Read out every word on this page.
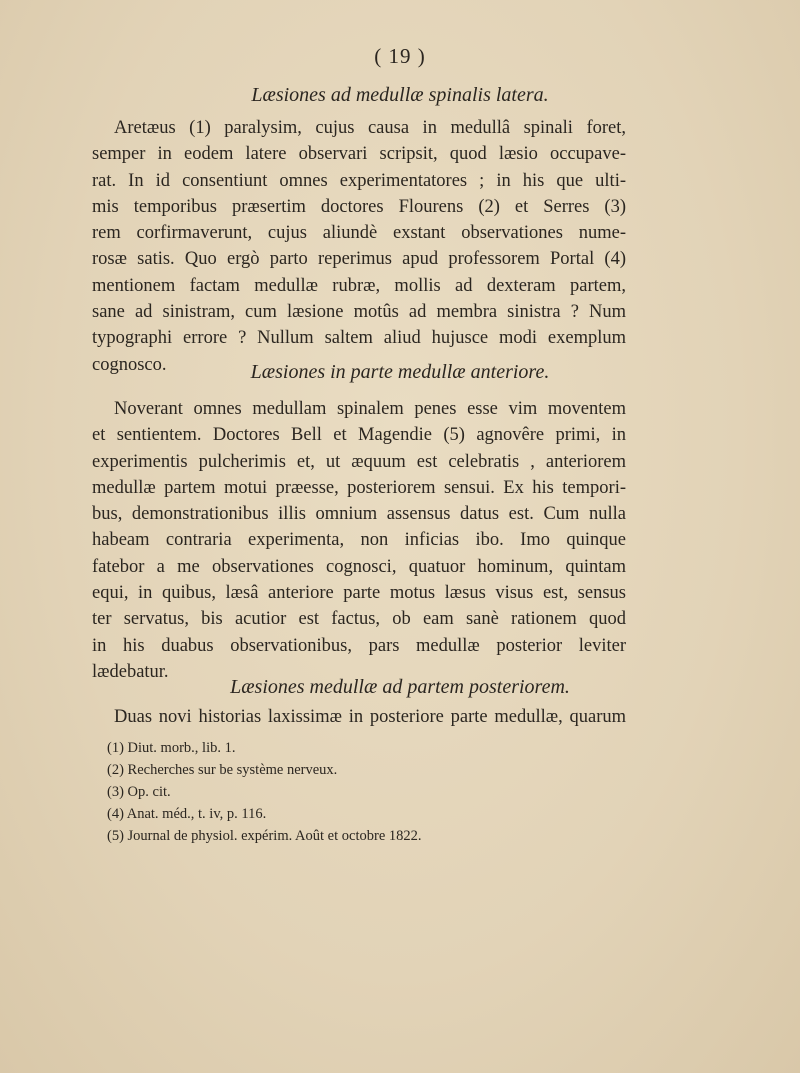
( 19 )
Læsiones ad medullæ spinalis latera.
Aretæus (1) paralysim, cujus causa in medullâ spinali foret,
semper in eodem latere observari scripsit, quod læsio occupave-
rat. In id consentiunt omnes experimentatores ; in his que ulti-
mis temporibus præsertim doctores Flourens (2) et Serres (3)
rem corfirmaverunt, cujus aliundè exstant observationes nume-
rosæ satis. Quo ergò parto reperimus apud professorem Portal (4)
mentionem factam medullæ rubræ, mollis ad dexteram partem,
sane ad sinistram, cum læsione motûs ad membra sinistra ? Num
typographi errore ? Nullum saltem aliud hujusce modi exemplum
cognosco.	Læsiones in parte medullæ anteriore.
Noverant omnes medullam spinalem penes esse vim moventem
et sentientem. Doctores Bell et Magendie (5) agnovêre primi, in
experimentis pulcherimis et, ut æquum est celebratis , anteriorem
medullæ partem motui præesse, posteriorem sensui. Ex his tempori-
bus, demonstrationibus illis omnium assensus datus est. Cum nulla
habeam contraria experimenta, non inficias ibo. Imo quinque
fatebor a me observationes cognosci, quatuor hominum, quintam
equi, in quibus, læsâ anteriore parte motus læsus visus est, sensus
ter servatus, bis acutior est factus, ob eam sanè rationem quod
in his duabus observationibus, pars medullæ posterior leviter
lædebatur.
Læsiones medullæ ad partem posteriorem.
Duas novi historias laxissimæ in posteriore parte medullæ, quarum
(1) Diut. morb., lib. 1.
(2) Recherches sur be système nerveux.
(3) Op. cit.
(4) Anat. méd., t. iv, p. 116.
(5) Journal de physiol. expérim. Août et octobre 1822.
